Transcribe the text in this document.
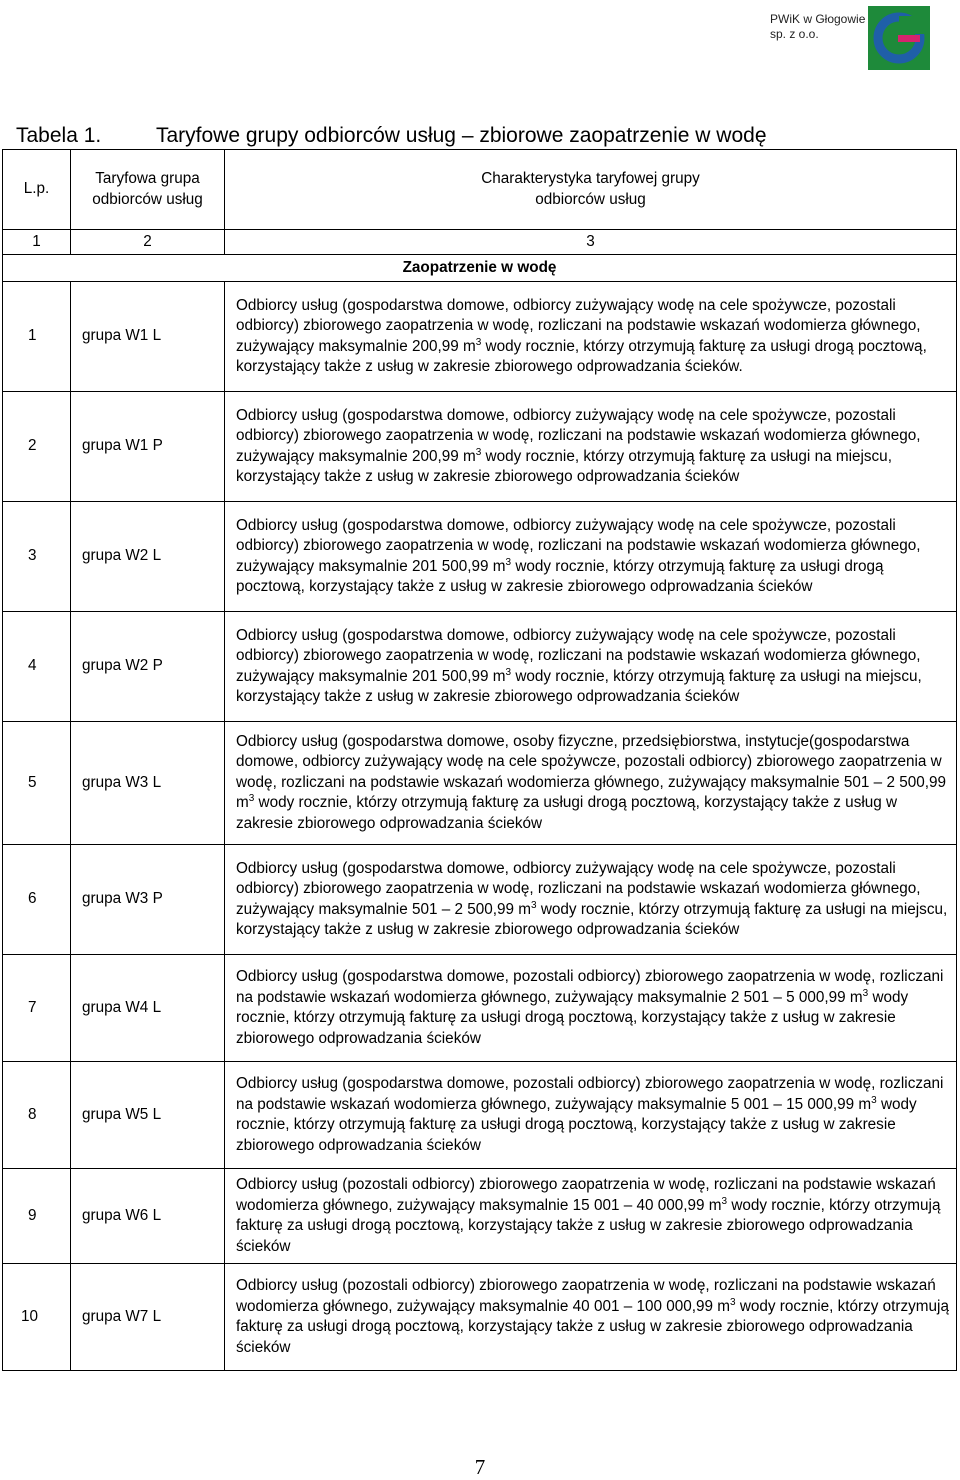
PWiK w Głogowie
sp. z o.o.
Tabela 1.	Taryfowe grupy odbiorców usług – zbiorowe zaopatrzenie w wodę
L.p.	Taryfowa grupa odbiorców usług	Charakterystyka taryfowej grupy odbiorców usług
1	2	3
Zaopatrzenie w wodę		
1	grupa W1 L	Odbiorcy usług (gospodarstwa domowe, odbiorcy zużywający wodę na cele spożywcze, pozostali odbiorcy) zbiorowego zaopatrzenia w wodę, rozliczani na podstawie wskazań wodomierza głównego, zużywający maksymalnie 200,99 $m^3$ wody rocznie, którzy otrzymują fakturę za usługi drogą pocztową, korzystający także z usług w zakresie zbiorowego odprowadzania ścieków.
2	grupa W1 P	Odbiorcy usług (gospodarstwa domowe, odbiorcy zużywający wodę na cele spożywcze, pozostali odbiorcy) zbiorowego zaopatrzenia w wodę, rozliczani na podstawie wskazań wodomierza głównego, zużywający maksymalnie 200,99 $m^3$ wody rocznie, którzy otrzymują fakturę za usługi na miejscu, korzystający także z usług w zakresie zbiorowego odprowadzania ścieków
3	grupa W2 L	Odbiorcy usług (gospodarstwa domowe, odbiorcy zużywający wodę na cele spożywcze, pozostali odbiorcy) zbiorowego zaopatrzenia w wodę, rozliczani na podstawie wskazań wodomierza głównego, zużywający maksymalnie 201 500,99 $m^3$ wody rocznie, którzy otrzymują fakturę za usługi drogą pocztową, korzystający także z usług w zakresie zbiorowego odprowadzania ścieków
4	grupa W2 P	Odbiorcy usług (gospodarstwa domowe, odbiorcy zużywający wodę na cele spożywcze, pozostali odbiorcy) zbiorowego zaopatrzenia w wodę, rozliczani na podstawie wskazań wodomierza głównego, zużywający maksymalnie 201 500,99 $m^3$ wody rocznie, którzy otrzymują fakturę za usługi na miejscu, korzystający także z usług w zakresie zbiorowego odprowadzania ścieków
5	grupa W3 L	Odbiorcy usług (gospodarstwa domowe, osoby fizyczne, przedsiębiorstwa, instytucje(gospodarstwa domowe, odbiorcy zużywający wodę na cele spożywcze, pozostali odbiorcy) zbiorowego zaopatrzenia w wodę, rozliczani na podstawie wskazań wodomierza głównego, zużywający maksymalnie 501 – 2 500,99 $m^3$ wody rocznie, którzy otrzymują fakturę za usługi drogą pocztową, korzystający także z usług w zakresie zbiorowego odprowadzania ścieków
6	grupa W3 P	Odbiorcy usług (gospodarstwa domowe, odbiorcy zużywający wodę na cele spożywcze, pozostali odbiorcy) zbiorowego zaopatrzenia w wodę, rozliczani na podstawie wskazań wodomierza głównego, zużywający maksymalnie 501 – 2 500,99 $m^3$ wody rocznie, którzy otrzymują fakturę za usługi na miejscu, korzystający także z usług w zakresie zbiorowego odprowadzania ścieków
7	grupa W4 L	Odbiorcy usług (gospodarstwa domowe, pozostali odbiorcy) zbiorowego zaopatrzenia w wodę, rozliczani na podstawie wskazań wodomierza głównego, zużywający maksymalnie 2 501 – 5 000,99 $m^3$ wody rocznie, którzy otrzymują fakturę za usługi drogą pocztową, korzystający także z usług w zakresie zbiorowego odprowadzania ścieków
8	grupa W5 L	Odbiorcy usług (gospodarstwa domowe, pozostali odbiorcy) zbiorowego zaopatrzenia w wodę, rozliczani na podstawie wskazań wodomierza głównego, zużywający maksymalnie 5 001 – 15 000,99 $m^3$ wody rocznie, którzy otrzymują fakturę za usługi drogą pocztową, korzystający także z usług w zakresie zbiorowego odprowadzania ścieków
9	grupa W6 L	Odbiorcy usług (pozostali odbiorcy) zbiorowego zaopatrzenia w wodę, rozliczani na podstawie wskazań wodomierza głównego, zużywający maksymalnie 15 001 – 40 000,99 $m^3$ wody rocznie, którzy otrzymują fakturę za usługi drogą pocztową, korzystający także z usług w zakresie zbiorowego odprowadzania ścieków
10	grupa W7 L	Odbiorcy usług (pozostali odbiorcy) zbiorowego zaopatrzenia w wodę, rozliczani na podstawie wskazań wodomierza głównego, zużywający maksymalnie 40 001 – 100 000,99 $m^3$ wody rocznie, którzy otrzymują fakturę za usługi drogą pocztową, korzystający także z usług w zakresie zbiorowego odprowadzania ścieków
7
